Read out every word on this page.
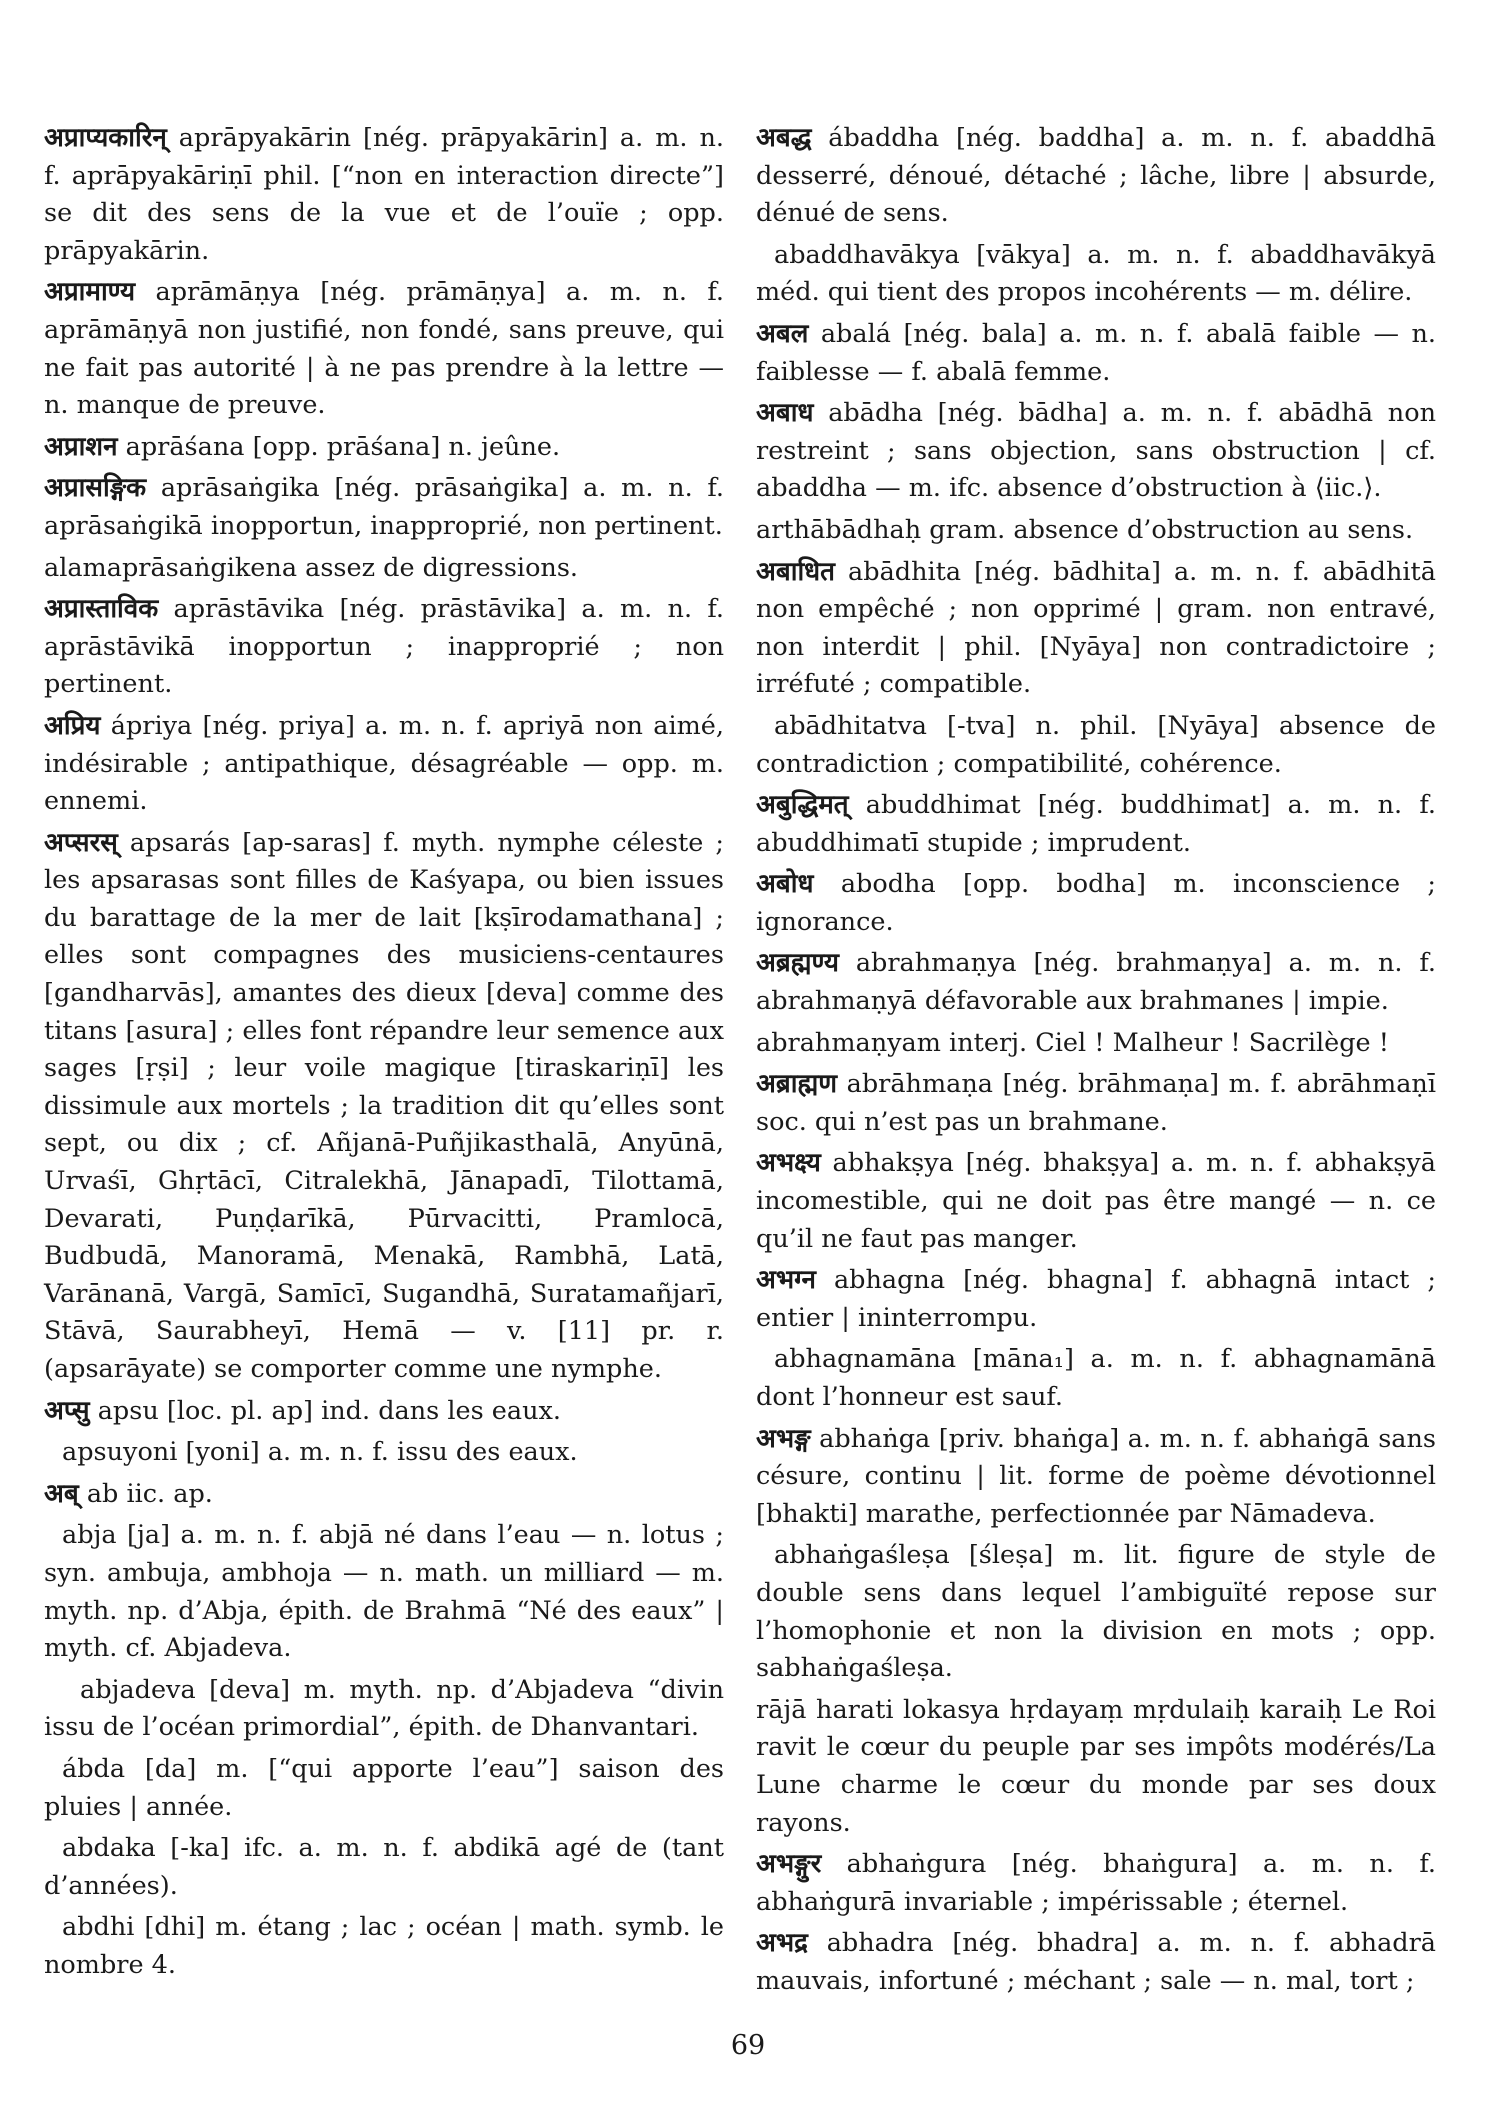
अप्राप्यकारिन् aprāpyakārin [nég. prāpyakārin] a. m. n. f. aprāpyakāriṇī phil. [“non en interaction directe”] se dit des sens de la vue et de l’ouïe ; opp. prāpyakārin.

अप्रामाण्य aprāmāṇya [nég. prāmāṇya] a. m. n. f. aprāmāṇyā non justifié, non fondé, sans preuve, qui ne fait pas autorité | à ne pas prendre à la lettre — n. manque de preuve.

अप्राशन aprāśana [opp. prāśana] n. jeûne.

अप्रासङ्गिक aprāsaṅgika [nég. prāsaṅgika] a. m. n. f. aprāsaṅgikā inopportun, inapproprié, non pertinent.

alamaprāsaṅgikena assez de digressions.

अप्रास्ताविक aprāstāvika [nég. prāstāvika] a. m. n. f. aprāstāvikā inopportun ; inapproprié ; non pertinent.

अप्रिय ápriya [nég. priya] a. m. n. f. apriyā non aimé, indésirable ; antipathique, désagréable — opp. m. ennemi.

अप्सरस् apsarás [ap-saras] f. myth. nymphe céleste ; les apsarasas sont filles de Kaśyapa, ou bien issues du barattage de la mer de lait [kṣīrodamathana] ; elles sont compagnes des musiciens-centaures [gandharvās], amantes des dieux [deva] comme des titans [asura] ; elles font répandre leur semence aux sages [ṛṣi] ; leur voile magique [tiraskariṇī] les dissimule aux mortels ; la tradition dit qu’elles sont sept, ou dix ; cf. Añjanā-Puñjikasthalā, Anyūnā, Urvaśī, Ghṛtācī, Citralekhā, Jānapadī, Tilottamā, Devarati, Puṇḍarīkā, Pūrvacitti, Pramlocā, Budbudā, Manoramā, Menakā, Rambhā, Latā, Varānanā, Vargā, Samīcī, Sugandhā, Suratamañjarī, Stāvā, Saurabheyī, Hemā — v. [11] pr. r. (apsarāyate) se comporter comme une nymphe.

अप्सु apsu [loc. pl. ap] ind. dans les eaux.

apsuyoni [yoni] a. m. n. f. issu des eaux.

अब् ab iic. ap.

abja [ja] a. m. n. f. abjā né dans l’eau — n. lotus ; syn. ambuja, ambhoja — n. math. un milliard — m. myth. np. d’Abja, épith. de Brahmā “Né des eaux” | myth. cf. Abjadeva.

abjadeva [deva] m. myth. np. d’Abjadeva “divin issu de l’océan primordial”, épith. de Dhanvantari.

ábda [da] m. [“qui apporte l’eau”] saison des pluies | année.

abdaka [-ka] ifc. a. m. n. f. abdikā agé de (tant d’années).

abdhi [dhi] m. étang ; lac ; océan | math. symb. le nombre 4.

अबद्ध ábaddha [nég. baddha] a. m. n. f. abaddhā desserré, dénoué, détaché ; lâche, libre | absurde, dénué de sens.

abaddhavākya [vākya] a. m. n. f. abaddhavākyā méd. qui tient des propos incohérents — m. délire.

अबल abalá [nég. bala] a. m. n. f. abalā faible — n. faiblesse — f. abalā femme.

अबाध abādha [nég. bādha] a. m. n. f. abādhā non restreint ; sans objection, sans obstruction | cf. abaddha — m. ifc. absence d’obstruction à ⟨iic.⟩.

arthābādhaḥ gram. absence d’obstruction au sens.

अबाधित abādhita [nég. bādhita] a. m. n. f. abādhitā non empêché ; non opprimé | gram. non entravé, non interdit | phil. [Nyāya] non contradictoire ; irréfuté ; compatible.

abādhitatva [-tva] n. phil. [Nyāya] absence de contradiction ; compatibilité, cohérence.

अबुद्धिमत् abuddhimat [nég. buddhimat] a. m. n. f. abuddhimatī stupide ; imprudent.

अबोध abodha [opp. bodha] m. inconscience ; ignorance.

अब्रह्मण्य abrahmaṇya [nég. brahmaṇya] a. m. n. f. abrahmaṇyā défavorable aux brahmanes | impie.

abrahmaṇyam interj. Ciel ! Malheur ! Sacrilège !

अब्राह्मण abrāhmaṇa [nég. brāhmaṇa] m. f. abrāhmaṇī soc. qui n’est pas un brahmane.

अभक्ष्य abhakṣya [nég. bhakṣya] a. m. n. f. abhakṣyā incomestible, qui ne doit pas être mangé — n. ce qu’il ne faut pas manger.

अभग्न abhagna [nég. bhagna] f. abhagnā intact ; entier | ininterrompu.

abhagnamāna [māna₁] a. m. n. f. abhagnamānā dont l’honneur est sauf.

अभङ्ग abhaṅga [priv. bhaṅga] a. m. n. f. abhaṅgā sans césure, continu | lit. forme de poème dévotionnel [bhakti] marathe, perfectionnée par Nāmadeva.

abhaṅgaśleṣa [śleṣa] m. lit. figure de style de double sens dans lequel l’ambiguïté repose sur l’homophonie et non la division en mots ; opp. sabhaṅgaśleṣa.

rājā harati lokasya hṛdayaṃ mṛdulaiḥ karaiḥ Le Roi ravit le cœur du peuple par ses impôts modérés/La Lune charme le cœur du monde par ses doux rayons.

अभङ्गुर abhaṅgura [nég. bhaṅgura] a. m. n. f. abhaṅgurā invariable ; impérissable ; éternel.

अभद्र abhadra [nég. bhadra] a. m. n. f. abhadrā mauvais, infortuné ; méchant ; sale — n. mal, tort ;

69
